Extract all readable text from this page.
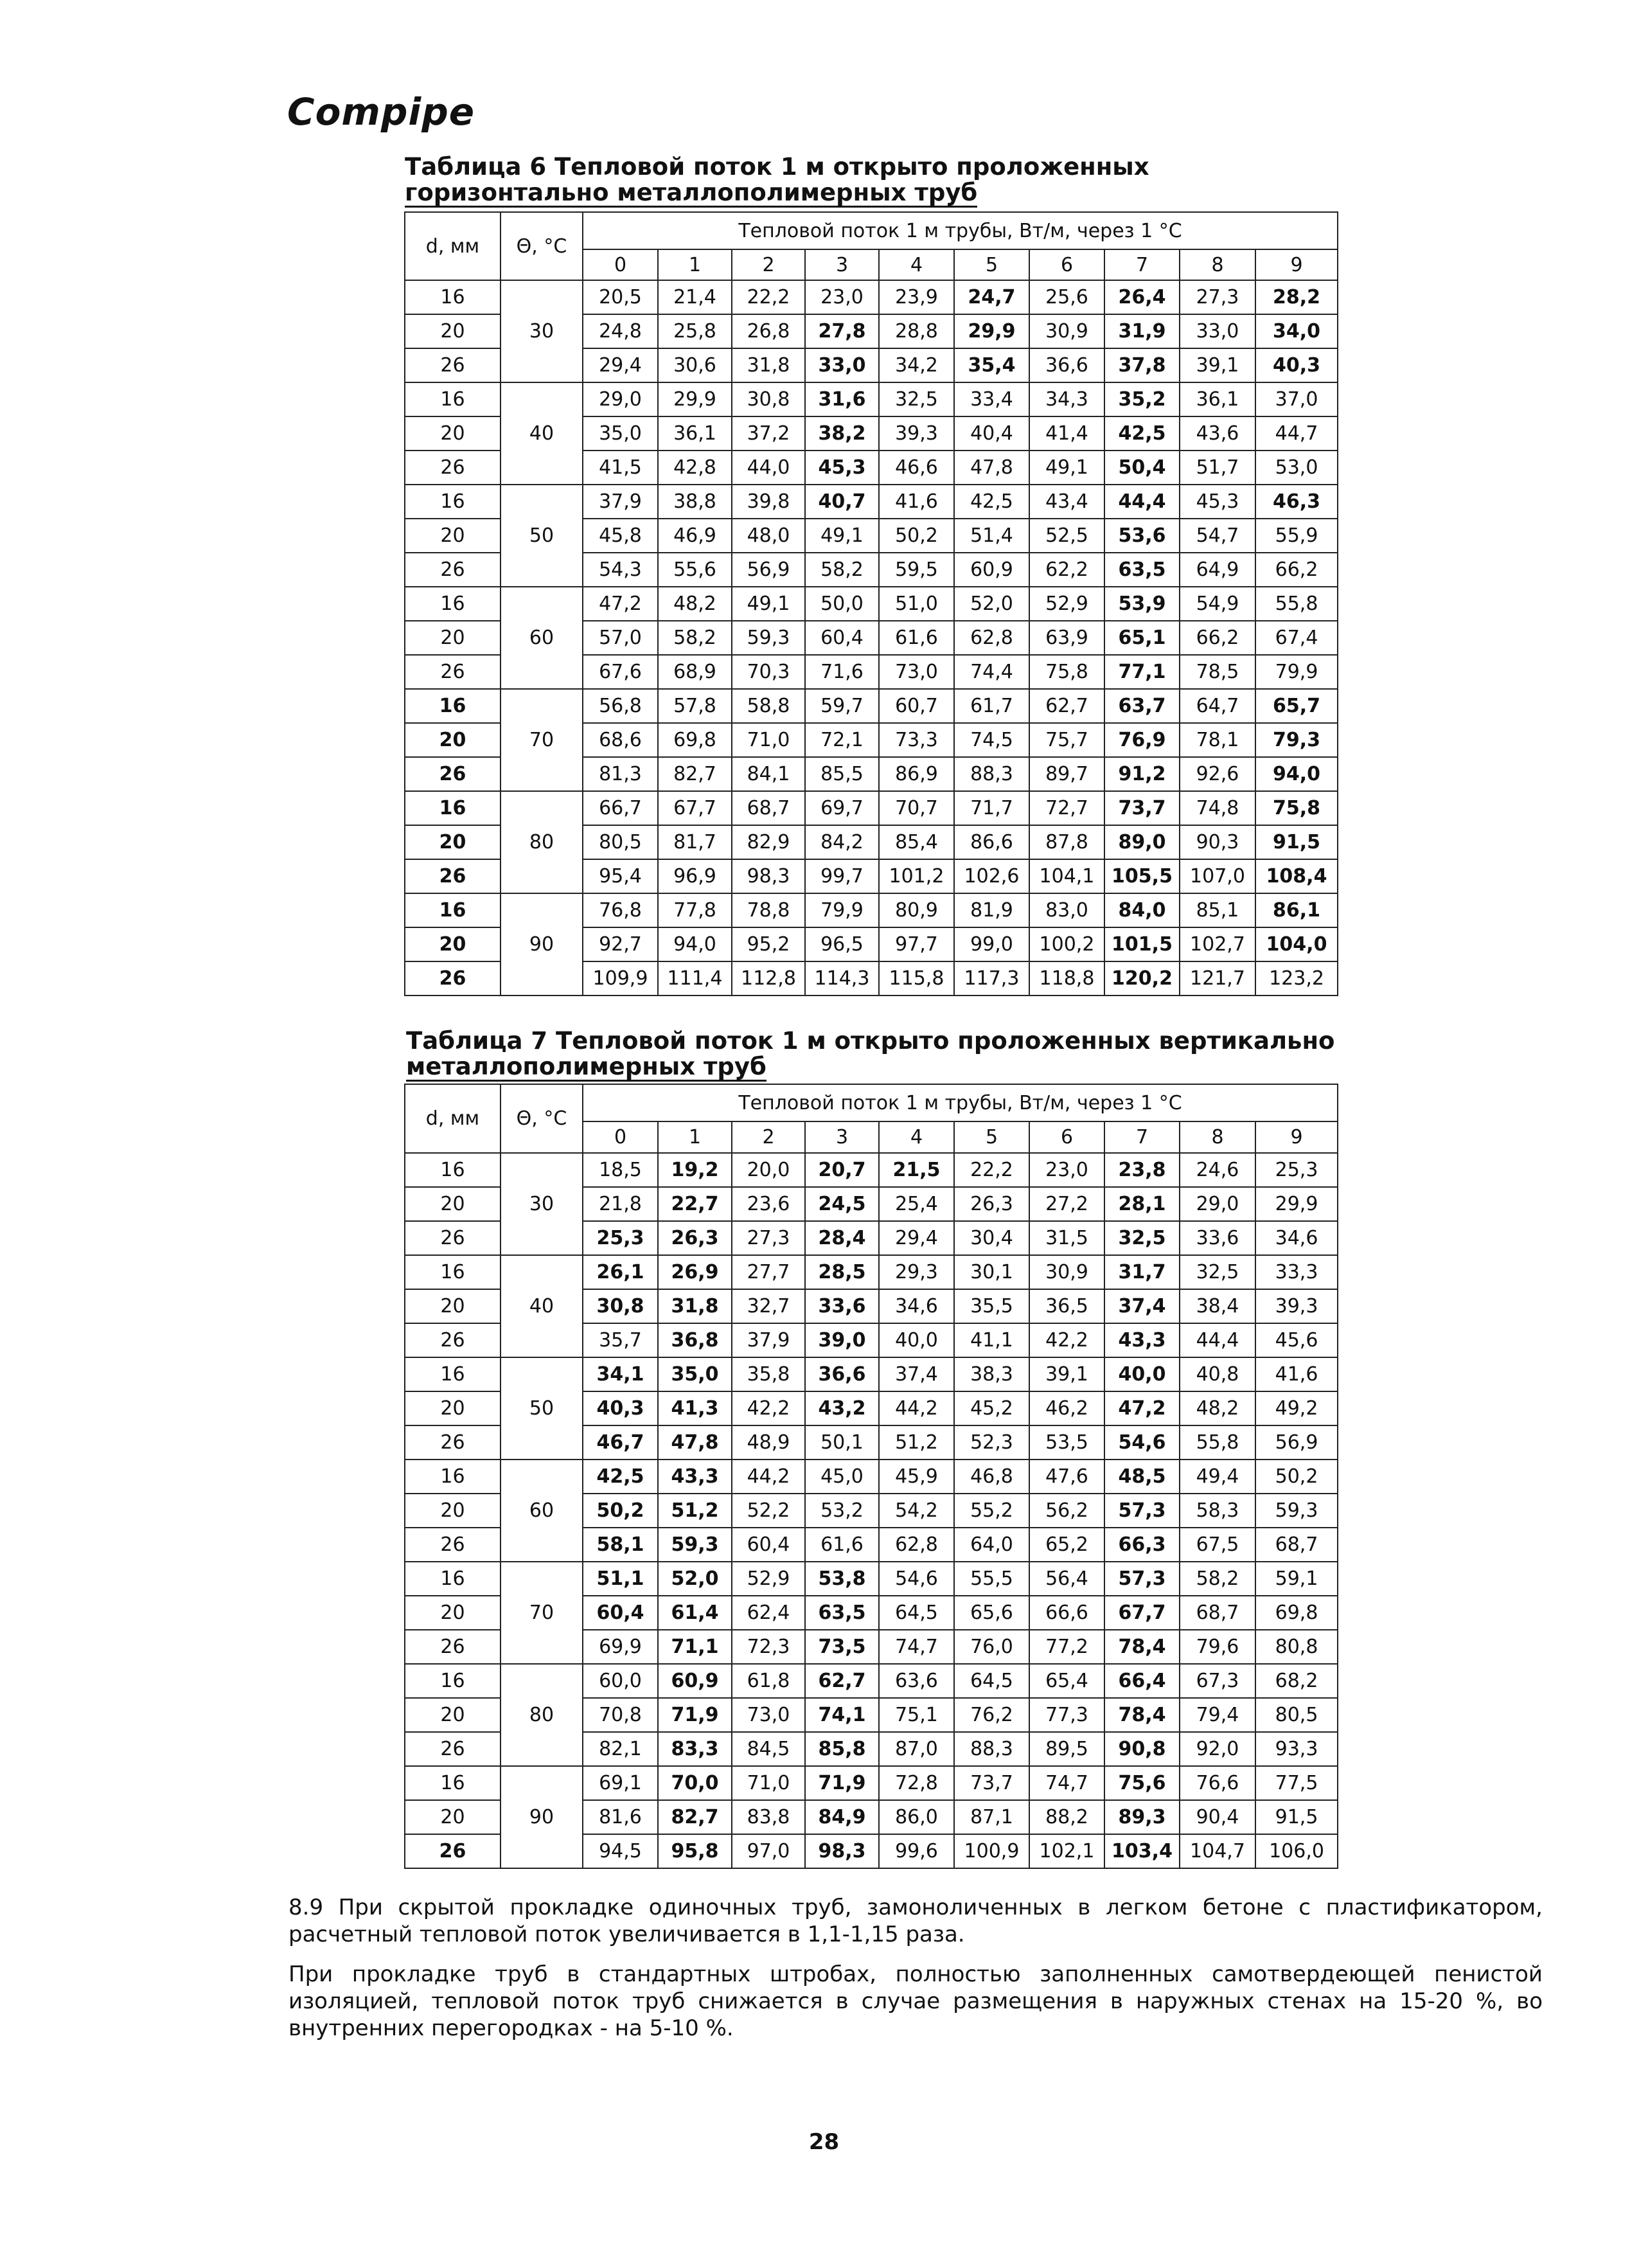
Compipe
Таблица 6 Тепловой поток 1 м открыто проложенных
горизонтально металлополимерных труб
d, мм	Θ, °C	Тепловой поток 1 м трубы, Вт/м, через 1 °C									
		0	1	2	3	4	5	6	7	8	9
16	30	20,5	21,4	22,2	23,0	23,9	24,7	25,6	26,4	27,3	28,2
20		24,8	25,8	26,8	27,8	28,8	29,9	30,9	31,9	33,0	34,0
26		29,4	30,6	31,8	33,0	34,2	35,4	36,6	37,8	39,1	40,3
16	40	29,0	29,9	30,8	31,6	32,5	33,4	34,3	35,2	36,1	37,0
20		35,0	36,1	37,2	38,2	39,3	40,4	41,4	42,5	43,6	44,7
26		41,5	42,8	44,0	45,3	46,6	47,8	49,1	50,4	51,7	53,0
16	50	37,9	38,8	39,8	40,7	41,6	42,5	43,4	44,4	45,3	46,3
20		45,8	46,9	48,0	49,1	50,2	51,4	52,5	53,6	54,7	55,9
26		54,3	55,6	56,9	58,2	59,5	60,9	62,2	63,5	64,9	66,2
16	60	47,2	48,2	49,1	50,0	51,0	52,0	52,9	53,9	54,9	55,8
20		57,0	58,2	59,3	60,4	61,6	62,8	63,9	65,1	66,2	67,4
26		67,6	68,9	70,3	71,6	73,0	74,4	75,8	77,1	78,5	79,9
16	70	56,8	57,8	58,8	59,7	60,7	61,7	62,7	63,7	64,7	65,7
20		68,6	69,8	71,0	72,1	73,3	74,5	75,7	76,9	78,1	79,3
26		81,3	82,7	84,1	85,5	86,9	88,3	89,7	91,2	92,6	94,0
16	80	66,7	67,7	68,7	69,7	70,7	71,7	72,7	73,7	74,8	75,8
20		80,5	81,7	82,9	84,2	85,4	86,6	87,8	89,0	90,3	91,5
26		95,4	96,9	98,3	99,7	101,2	102,6	104,1	105,5	107,0	108,4
16	90	76,8	77,8	78,8	79,9	80,9	81,9	83,0	84,0	85,1	86,1
20		92,7	94,0	95,2	96,5	97,7	99,0	100,2	101,5	102,7	104,0
26		109,9	111,4	112,8	114,3	115,8	117,3	118,8	120,2	121,7	123,2
Таблица 7 Тепловой поток 1 м открыто проложенных вертикально
металлополимерных труб
d, мм	Θ, °C	Тепловой поток 1 м трубы, Вт/м, через 1 °C									
		0	1	2	3	4	5	6	7	8	9
16	30	18,5	19,2	20,0	20,7	21,5	22,2	23,0	23,8	24,6	25,3
20		21,8	22,7	23,6	24,5	25,4	26,3	27,2	28,1	29,0	29,9
26		25,3	26,3	27,3	28,4	29,4	30,4	31,5	32,5	33,6	34,6
16	40	26,1	26,9	27,7	28,5	29,3	30,1	30,9	31,7	32,5	33,3
20		30,8	31,8	32,7	33,6	34,6	35,5	36,5	37,4	38,4	39,3
26		35,7	36,8	37,9	39,0	40,0	41,1	42,2	43,3	44,4	45,6
16	50	34,1	35,0	35,8	36,6	37,4	38,3	39,1	40,0	40,8	41,6
20		40,3	41,3	42,2	43,2	44,2	45,2	46,2	47,2	48,2	49,2
26		46,7	47,8	48,9	50,1	51,2	52,3	53,5	54,6	55,8	56,9
16	60	42,5	43,3	44,2	45,0	45,9	46,8	47,6	48,5	49,4	50,2
20		50,2	51,2	52,2	53,2	54,2	55,2	56,2	57,3	58,3	59,3
26		58,1	59,3	60,4	61,6	62,8	64,0	65,2	66,3	67,5	68,7
16	70	51,1	52,0	52,9	53,8	54,6	55,5	56,4	57,3	58,2	59,1
20		60,4	61,4	62,4	63,5	64,5	65,6	66,6	67,7	68,7	69,8
26		69,9	71,1	72,3	73,5	74,7	76,0	77,2	78,4	79,6	80,8
16	80	60,0	60,9	61,8	62,7	63,6	64,5	65,4	66,4	67,3	68,2
20		70,8	71,9	73,0	74,1	75,1	76,2	77,3	78,4	79,4	80,5
26		82,1	83,3	84,5	85,8	87,0	88,3	89,5	90,8	92,0	93,3
16	90	69,1	70,0	71,0	71,9	72,8	73,7	74,7	75,6	76,6	77,5
20		81,6	82,7	83,8	84,9	86,0	87,1	88,2	89,3	90,4	91,5
26		94,5	95,8	97,0	98,3	99,6	100,9	102,1	103,4	104,7	106,0
8.9 При скрытой прокладке одиночных труб, замоноличенных в легком бетоне с пластификатором, расчетный тепловой поток увеличивается в 1,1-1,15 раза.
При прокладке труб в стандартных штробах, полностью заполненных самотвердеющей пенистой изоляцией, тепловой поток труб снижается в случае размещения в наружных стенах на 15-20 %, во внутренних перегородках - на 5-10 %.
28
